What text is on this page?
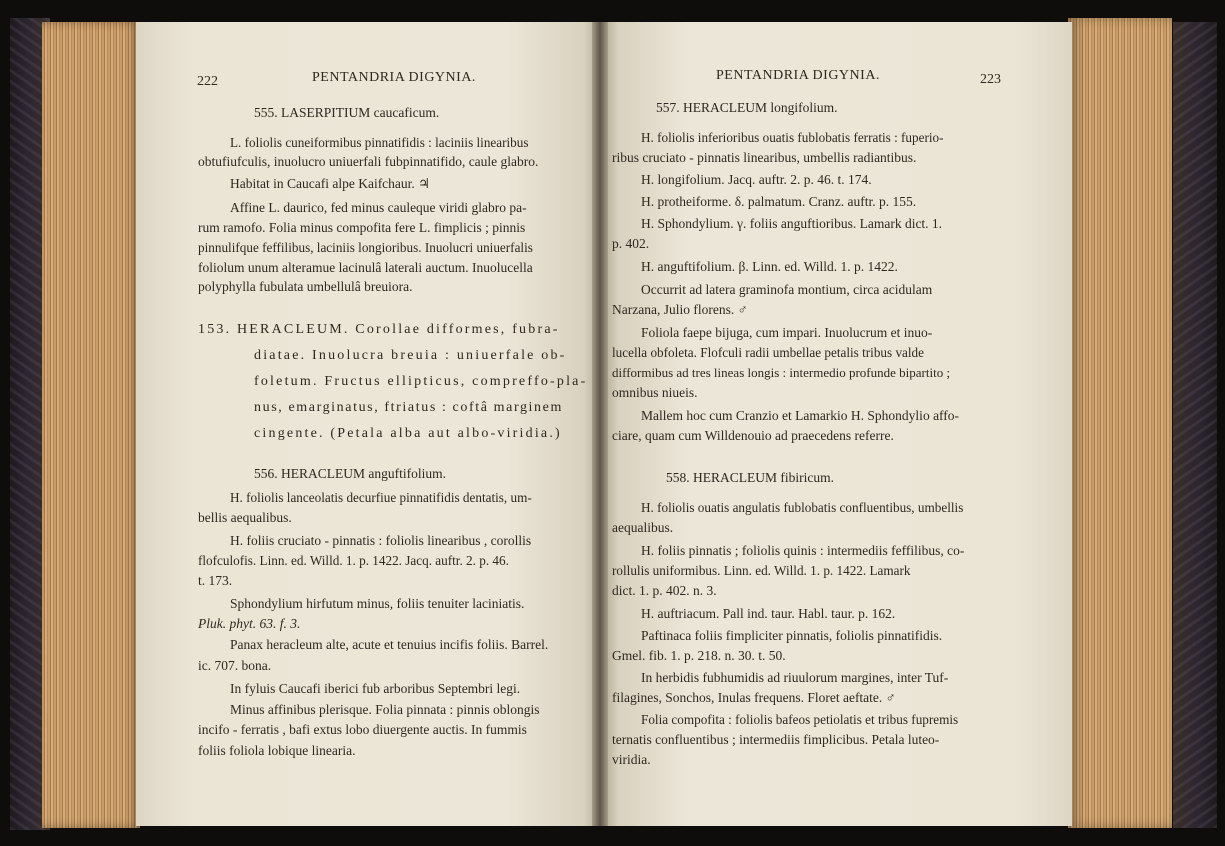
222	PENTANDRIA DIGYNIA.
555. LASERPITIUM caucaficum.
L. foliolis cuneiformibus pinnatifidis : laciniis linearibus
obtufiufculis, inuolucro uniuerfali fubpinnatifido, caule glabro.
Habitat in Caucafi alpe Kaifchaur. ♃
Affine L. daurico, fed minus cauleque viridi glabro pa-
rum ramofo. Folia minus compofita fere L. fimplicis ; pinnis
pinnulifque feffilibus, laciniis longioribus. Inuolucri uniuerfalis
foliolum unum alteramue lacinulâ laterali auctum. Inuolucella
polyphylla fubulata umbellulâ breuiora.
153. HERACLEUM. Corollae difformes, fubra-
diatae. Inuolucra breuia : uniuerfale ob-
foletum. Fructus ellipticus, compreffo-pla-
nus, emarginatus, ftriatus : coftâ marginem
cingente. (Petala alba aut albo-viridia.)
556. HERACLEUM anguftifolium.
H. foliolis lanceolatis decurfiue pinnatifidis dentatis, um-
bellis aequalibus.
H. foliis cruciato - pinnatis : foliolis linearibus , corollis
flofculofis. Linn. ed. Willd. 1. p. 1422. Jacq. auftr. 2. p. 46.
t. 173.
Sphondylium hirfutum minus, foliis tenuiter laciniatis.
Pluk. phyt. 63. f. 3.
Panax heracleum alte, acute et tenuius incifis foliis. Barrel.
ic. 707. bona.
In fyluis Caucafi iberici fub arboribus Septembri legi.
Minus affinibus plerisque. Folia pinnata : pinnis oblongis
incifo - ferratis , bafi extus lobo diuergente auctis. In fummis
foliis foliola lobique linearia.
PENTANDRIA DIGYNIA.	223
557. HERACLEUM longifolium.
H. foliolis inferioribus ouatis fublobatis ferratis : fuperio-
ribus cruciato - pinnatis linearibus, umbellis radiantibus.
H. longifolium. Jacq. auftr. 2. p. 46. t. 174.
H. protheiforme. δ. palmatum. Cranz. auftr. p. 155.
H. Sphondylium. γ. foliis anguftioribus. Lamark dict. 1.
p. 402.
H. anguftifolium. β. Linn. ed. Willd. 1. p. 1422.
Occurrit ad latera graminofa montium, circa acidulam
Narzana, Julio florens. ♂
Foliola faepe bijuga, cum impari. Inuolucrum et inuo-
lucella obfoleta. Flofculi radii umbellae petalis tribus valde
difformibus ad tres lineas longis : intermedio profunde bipartito ;
omnibus niueis.
Mallem hoc cum Cranzio et Lamarkio H. Sphondylio affo-
ciare, quam cum Willdenouio ad praecedens referre.
558. HERACLEUM fibiricum.
H. foliolis ouatis angulatis fublobatis confluentibus, umbellis
aequalibus.
H. foliis pinnatis ; foliolis quinis : intermediis feffilibus, co-
rollulis uniformibus. Linn. ed. Willd. 1. p. 1422. Lamark
dict. 1. p. 402. n. 3.
H. auftriacum. Pall ind. taur. Habl. taur. p. 162.
Paftinaca foliis fimpliciter pinnatis, foliolis pinnatifidis.
Gmel. fib. 1. p. 218. n. 30. t. 50.
In herbidis fubhumidis ad riuulorum margines, inter Tuf-
filagines, Sonchos, Inulas frequens. Floret aeftate. ♂
Folia compofita : foliolis bafeos petiolatis et tribus fupremis
ternatis confluentibus ; intermediis fimplicibus. Petala luteo-
viridia.
